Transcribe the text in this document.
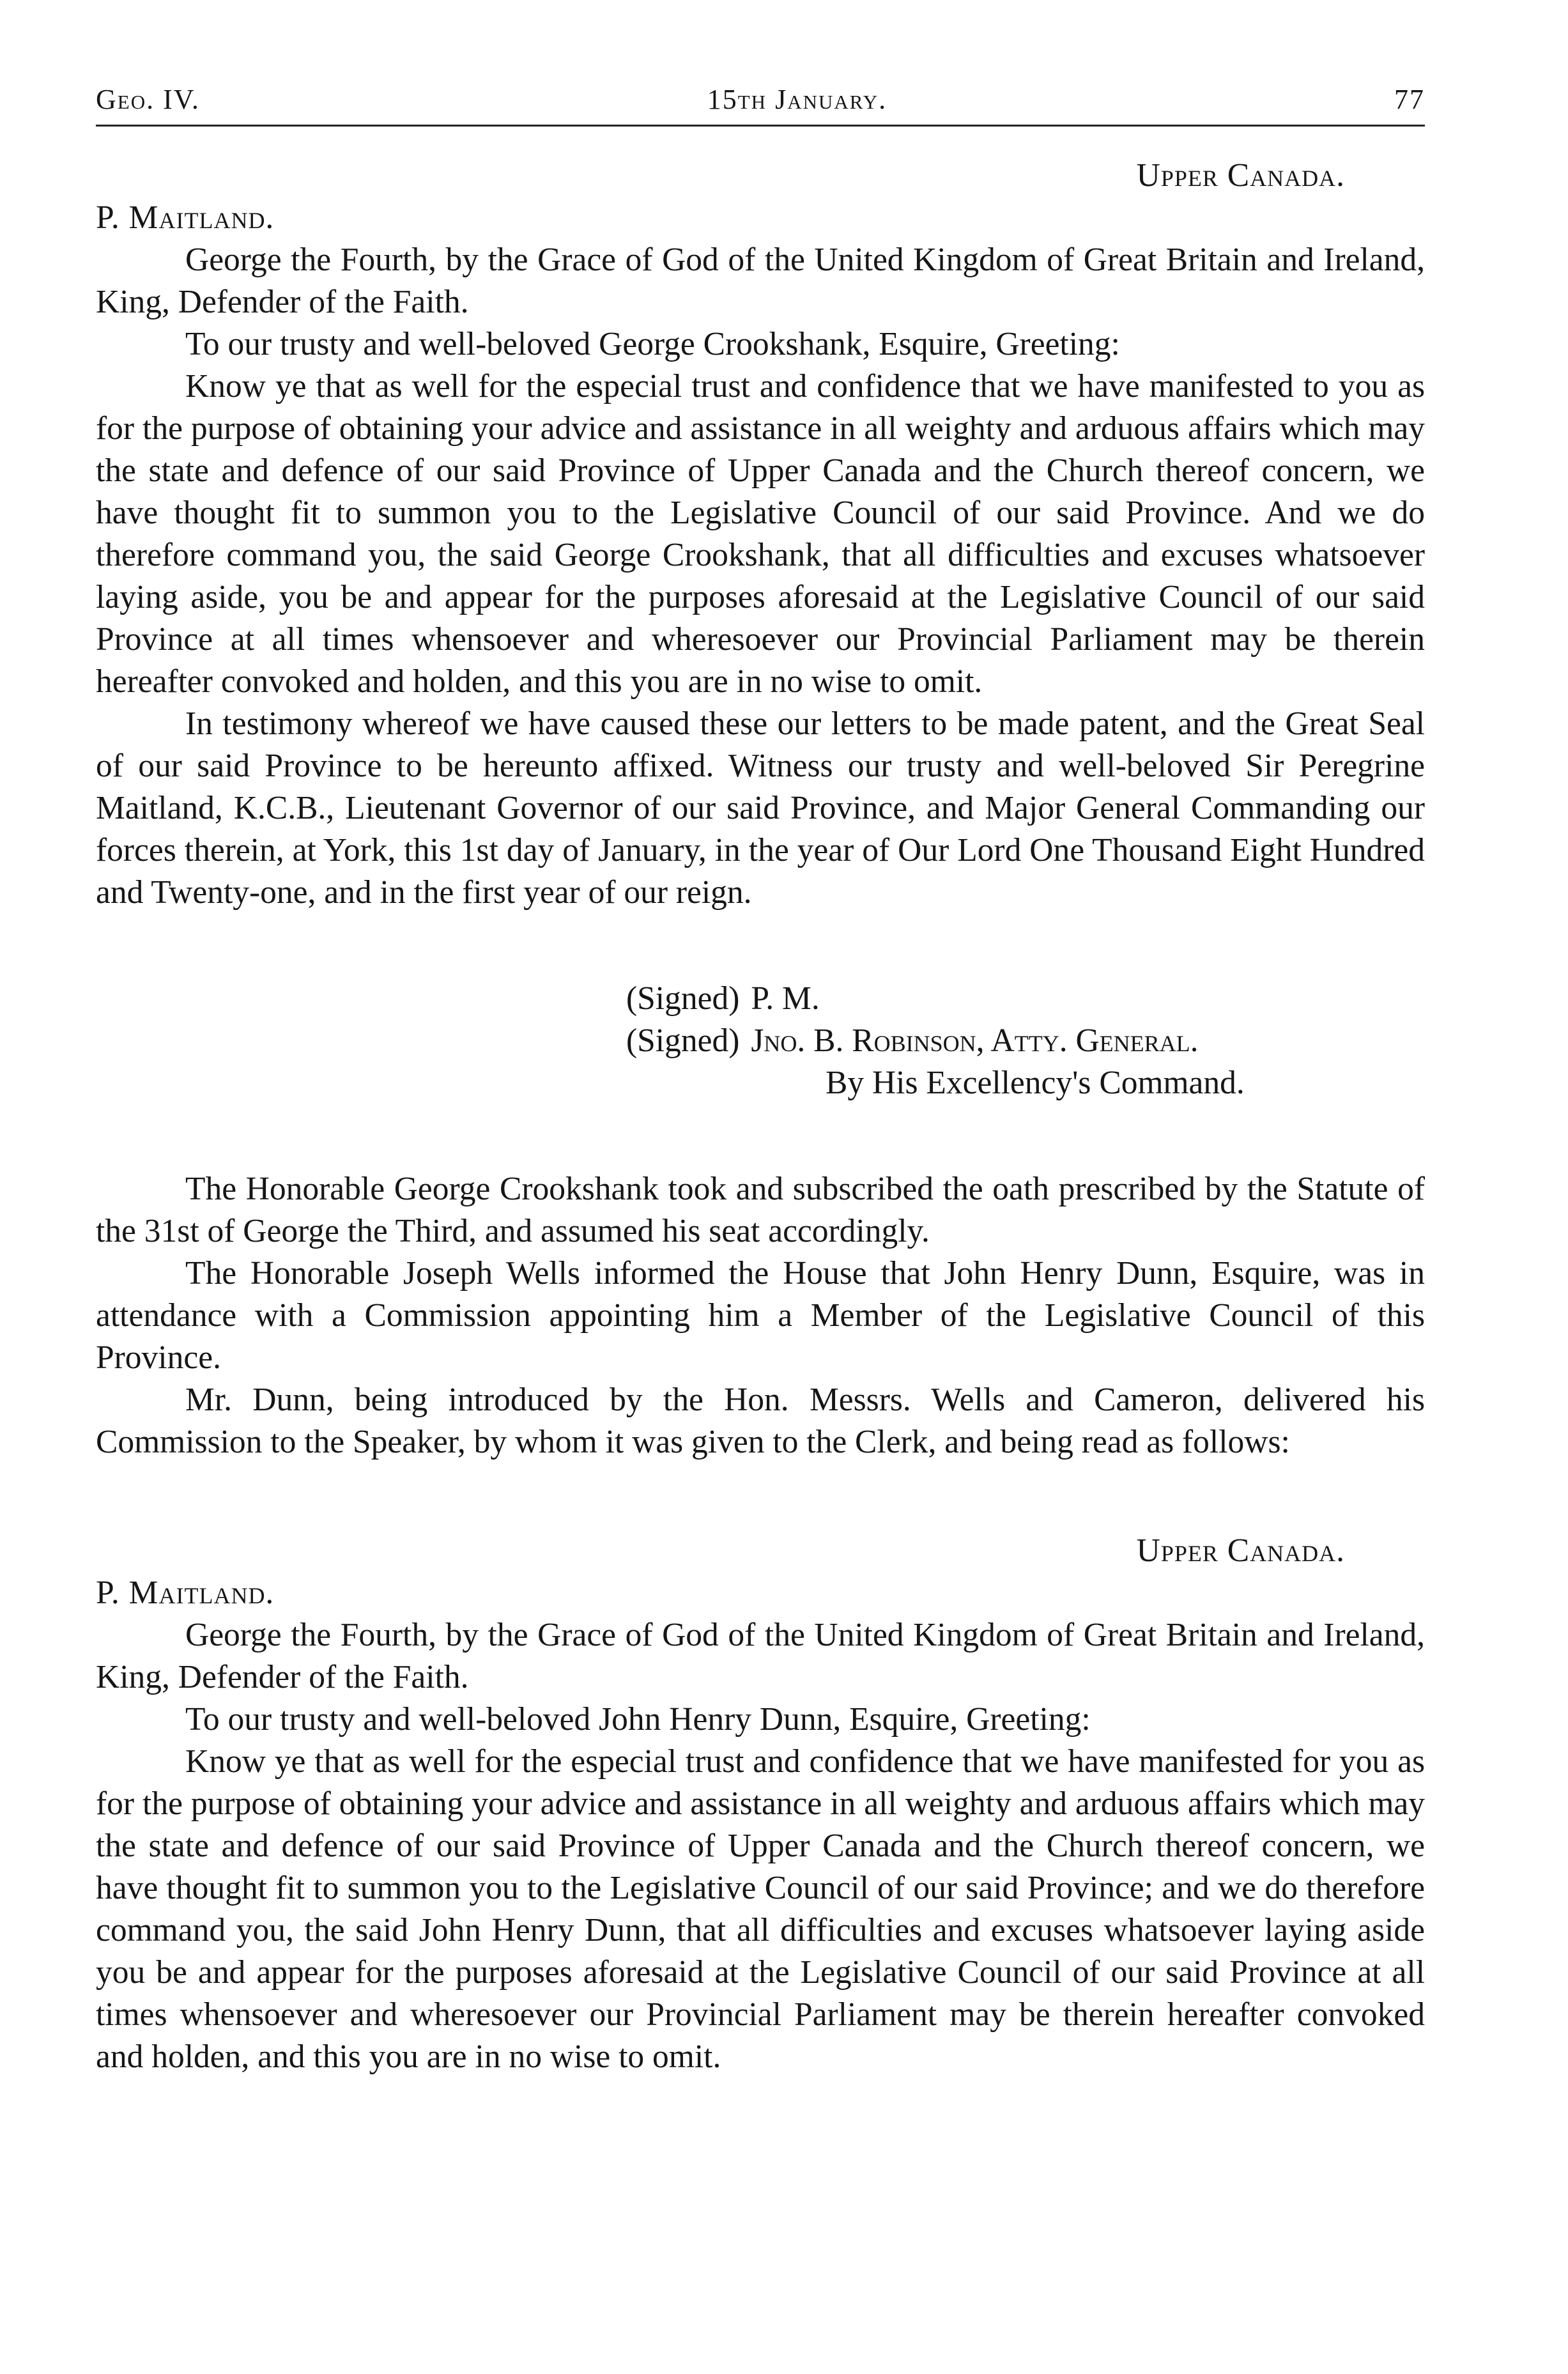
Geo. IV.	15th January.	77
Upper Canada.
P. Maitland.

George the Fourth, by the Grace of God of the United Kingdom of Great Britain and Ireland, King, Defender of the Faith.

To our trusty and well-beloved George Crookshank, Esquire, Greeting:

Know ye that as well for the especial trust and confidence that we have manifested to you as for the purpose of obtaining your advice and assistance in all weighty and arduous affairs which may the state and defence of our said Province of Upper Canada and the Church thereof concern, we have thought fit to summon you to the Legislative Council of our said Province. And we do therefore command you, the said George Crookshank, that all difficulties and excuses whatsoever laying aside, you be and appear for the purposes aforesaid at the Legislative Council of our said Province at all times whensoever and wheresoever our Provincial Parliament may be therein hereafter convoked and holden, and this you are in no wise to omit.

In testimony whereof we have caused these our letters to be made patent, and the Great Seal of our said Province to be hereunto affixed. Witness our trusty and well-beloved Sir Peregrine Maitland, K.C.B., Lieutenant Governor of our said Province, and Major General Commanding our forces therein, at York, this 1st day of January, in the year of Our Lord One Thousand Eight Hundred and Twenty-one, and in the first year of our reign.

(Signed) P. M.
(Signed) Jno. B. Robinson, Atty. General.
By His Excellency's Command.

The Honorable George Crookshank took and subscribed the oath prescribed by the Statute of the 31st of George the Third, and assumed his seat accordingly.

The Honorable Joseph Wells informed the House that John Henry Dunn, Esquire, was in attendance with a Commission appointing him a Member of the Legislative Council of this Province.

Mr. Dunn, being introduced by the Hon. Messrs. Wells and Cameron, delivered his Commission to the Speaker, by whom it was given to the Clerk, and being read as follows:

Upper Canada.
P. Maitland.

George the Fourth, by the Grace of God of the United Kingdom of Great Britain and Ireland, King, Defender of the Faith.

To our trusty and well-beloved John Henry Dunn, Esquire, Greeting:

Know ye that as well for the especial trust and confidence that we have manifested for you as for the purpose of obtaining your advice and assistance in all weighty and arduous affairs which may the state and defence of our said Province of Upper Canada and the Church thereof concern, we have thought fit to summon you to the Legislative Council of our said Province; and we do therefore command you, the said John Henry Dunn, that all difficulties and excuses whatsoever laying aside you be and appear for the purposes aforesaid at the Legislative Council of our said Province at all times whensoever and wheresoever our Provincial Parliament may be therein hereafter convoked and holden, and this you are in no wise to omit.
